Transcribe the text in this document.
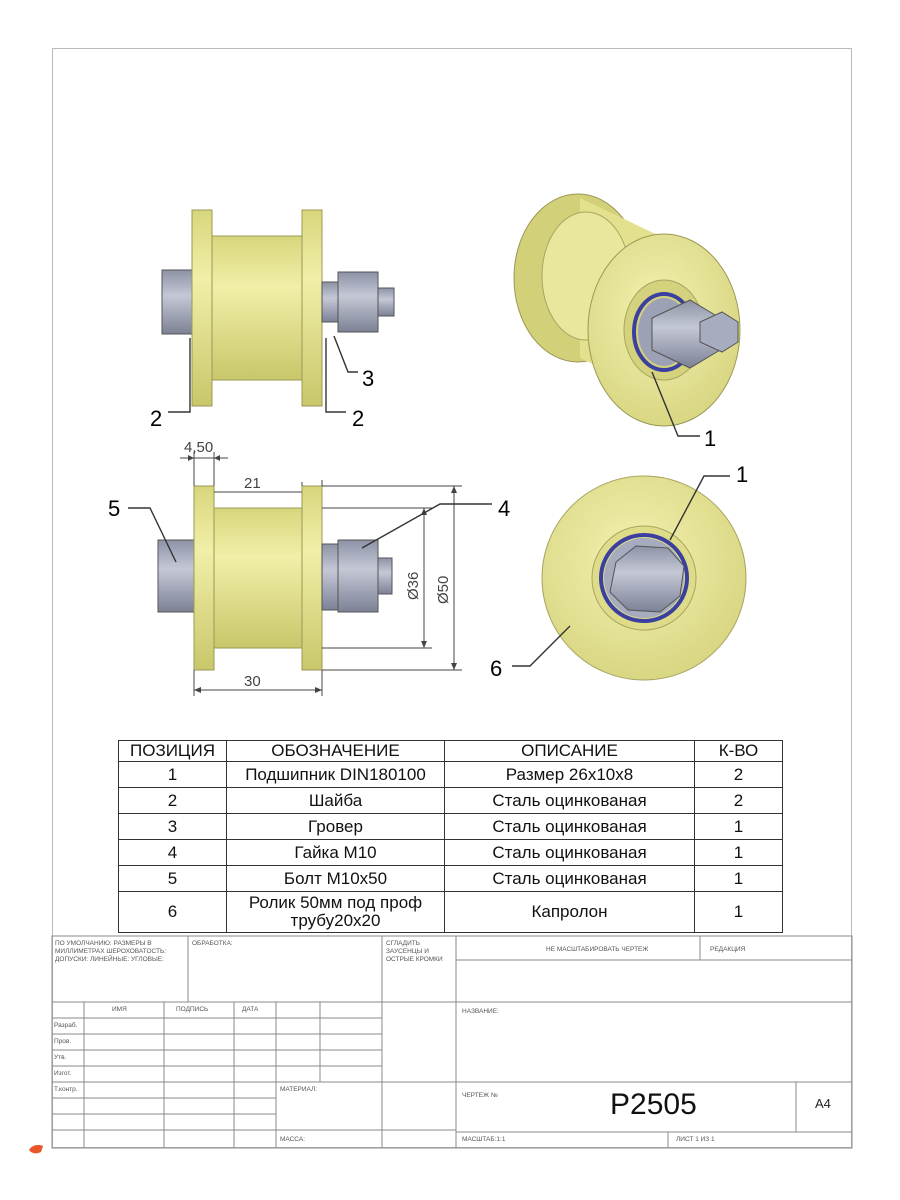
2	2
3
4,50
21
30
Ø36 Ø50
5	4
1
1
6
ПОЗИЦИЯ	ОБОЗНАЧЕНИЕ	ОПИСАНИЕ	К-ВО
1	Подшипник DIN180100	Размер 26х10х8	2
2	Шайба	Сталь оцинкованая	2
3	Гровер	Сталь оцинкованая	1
4	Гайка М10	Сталь оцинкованая	1
5	Болт М10х50	Сталь оцинкованая	1
6	Ролик 50мм под проф трубу20х20	Капролон	1
ПО УМОЛЧАНИЮ: РАЗМЕРЫ В МИЛЛИМЕТРАХ ШЕРОХОВАТОСТЬ: ДОПУСКИ: ЛИНЕЙНЫЕ: УГЛОВЫЕ:
ОБРАБОТКА:	СГЛАДИТЬ ЗАУСЕНЦЫ И ОСТРЫЕ КРОМКИ
НЕ МАСШТАБИРОВАТЬ ЧЕРТЕЖ	РЕДАКЦИЯ
ИМЯ	ПОДПИСЬ	ДАТА
Разраб.
Пров.
Утв.
Изгот.
Т.контр.	МАТЕРИАЛ:
МАССА:
НАЗВАНИЕ:
ЧЕРТЕЖ №	P2505	А4
МАСШТАБ:1:1	ЛИСТ 1 ИЗ 1
